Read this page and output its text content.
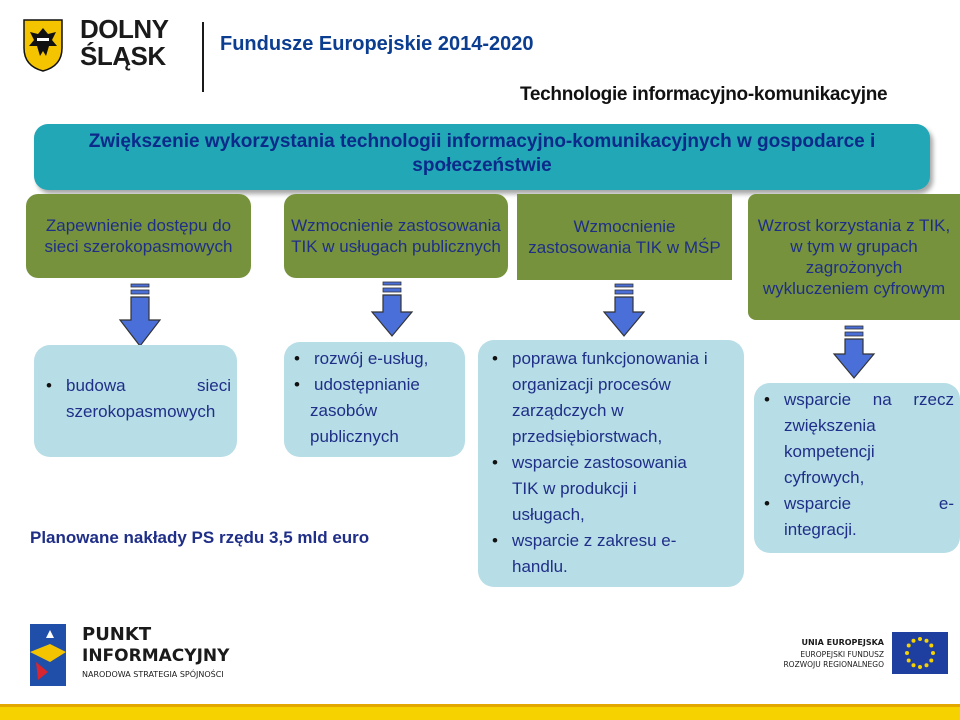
DOLNY
ŚLĄSK	Fundusze Europejskie 2014-2020
Technologie informacyjno-komunikacyjne
Zwiększenie wykorzystania technologii informacyjno-komunikacyjnych w gospodarce i społeczeństwie
Zapewnienie dostępu do sieci szerokopasmowych
Wzmocnienie zastosowania TIK w usługach publicznych
Wzmocnienie zastosowania TIK w MŚP
Wzrost korzystania z TIK, w tym w grupach zagrożonych wykluczeniem cyfrowym
• budowa	sieci
szerokopasmowych
• rozwój e-usług,
• udostępnianie
zasobów
publicznych
• poprawa funkcjonowania i
organizacji procesów
zarządczych w
przedsiębiorstwach,
• wsparcie zastosowania
TIK w produkcji i
usługach,
• wsparcie z zakresu e-
handlu.
• wsparcie na rzecz
zwiększenia
kompetencji
cyfrowych,
• wsparcie	e-
integracji.
Planowane nakłady PS rzędu 3,5 mld euro
PUNKT
INFORMACYJNY
NARODOWA STRATEGIA SPÓJNOŚCI
UNIA EUROPEJSKA
EUROPEJSKI FUNDUSZ
ROZWOJU REGIONALNEGO
